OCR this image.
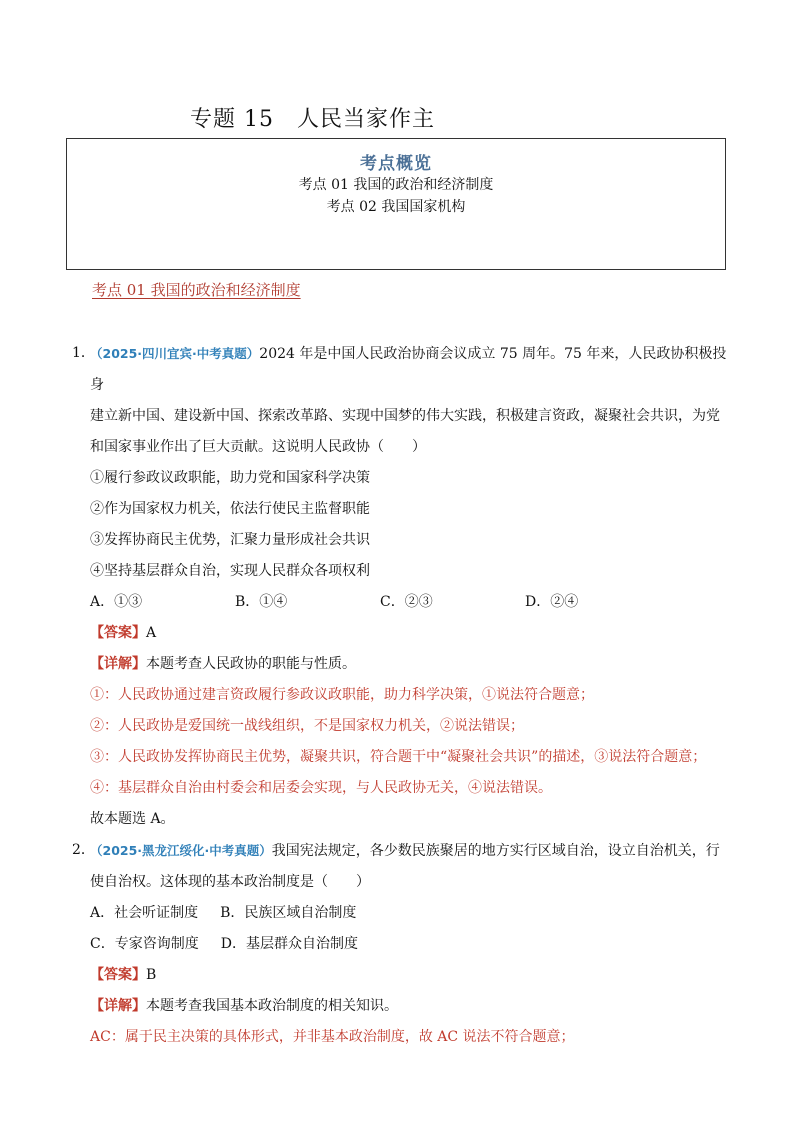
专题 15　人民当家作主
考点概览
考点 01 我国的政治和经济制度
考点 02 我国国家机构
考点 01 我国的政治和经济制度
1．
（2025·四川宜宾·中考真题）2024 年是中国人民政治协商会议成立 75 周年。75 年来，人民政协积极投身
建立新中国、建设新中国、探索改革路、实现中国梦的伟大实践，积极建言资政，凝聚社会共识，为党
和国家事业作出了巨大贡献。这说明人民政协（　　）
①履行参政议政职能，助力党和国家科学决策
②作为国家权力机关，依法行使民主监督职能
③发挥协商民主优势，汇聚力量形成社会共识
④坚持基层群众自治，实现人民群众各项权利
A．①③	B．①④	C．②③	D．②④
【答案】A
【详解】本题考查人民政协的职能与性质。
①：人民政协通过建言资政履行参政议政职能，助力科学决策，①说法符合题意；
②：人民政协是爱国统一战线组织，不是国家权力机关，②说法错误；
③：人民政协发挥协商民主优势，凝聚共识，符合题干中“凝聚社会共识”的描述，③说法符合题意；
④：基层群众自治由村委会和居委会实现，与人民政协无关，④说法错误。
故本题选 A。
2．
（2025·黑龙江绥化·中考真题）我国宪法规定，各少数民族聚居的地方实行区域自治，设立自治机关，行
使自治权。这体现的基本政治制度是（　　）
A．社会听证制度 B．民族区域自治制度
C．专家咨询制度 D．基层群众自治制度
【答案】B
【详解】本题考查我国基本政治制度的相关知识。
AC：属于民主决策的具体形式，并非基本政治制度，故 AC 说法不符合题意；
